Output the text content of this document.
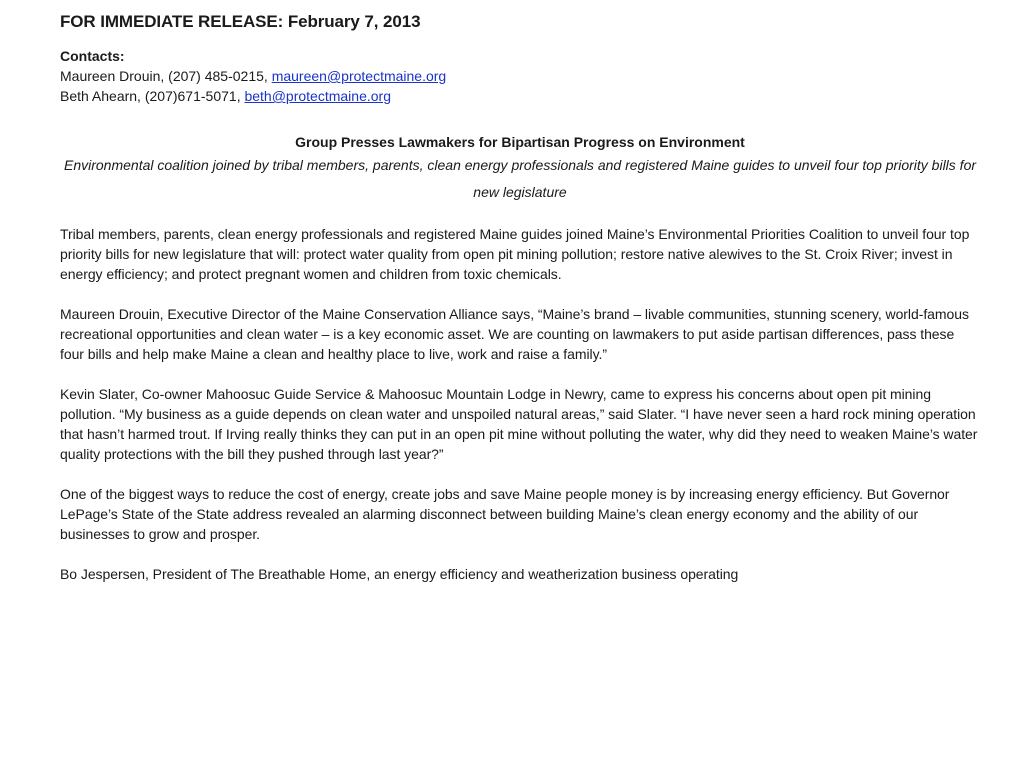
FOR IMMEDIATE RELEASE: February 7, 2013
Contacts:
Maureen Drouin, (207) 485-0215, maureen@protectmaine.org
Beth Ahearn, (207)671-5071, beth@protectmaine.org
Group Presses Lawmakers for Bipartisan Progress on Environment
Environmental coalition joined by tribal members, parents, clean energy professionals and registered Maine guides to unveil four top priority bills for new legislature

Tribal members, parents, clean energy professionals and registered Maine guides joined Maine’s Environmental Priorities Coalition to unveil four top priority bills for new legislature that will: protect water quality from open pit mining pollution; restore native alewives to the St. Croix River; invest in energy efficiency; and protect pregnant women and children from toxic chemicals.

Maureen Drouin, Executive Director of the Maine Conservation Alliance says, “Maine’s brand – livable communities, stunning scenery, world-famous recreational opportunities and clean water – is a key economic asset. We are counting on lawmakers to put aside partisan differences, pass these four bills and help make Maine a clean and healthy place to live, work and raise a family.”

Kevin Slater, Co-owner Mahoosuc Guide Service & Mahoosuc Mountain Lodge in Newry, came to express his concerns about open pit mining pollution. “My business as a guide depends on clean water and unspoiled natural areas,” said Slater. “I have never seen a hard rock mining operation that hasn’t harmed trout. If Irving really thinks they can put in an open pit mine without polluting the water, why did they need to weaken Maine’s water quality protections with the bill they pushed through last year?”

One of the biggest ways to reduce the cost of energy, create jobs and save Maine people money is by increasing energy efficiency. But Governor LePage’s State of the State address revealed an alarming disconnect between building Maine’s clean energy economy and the ability of our businesses to grow and prosper.

Bo Jespersen, President of The Breathable Home, an energy efficiency and weatherization business operating
